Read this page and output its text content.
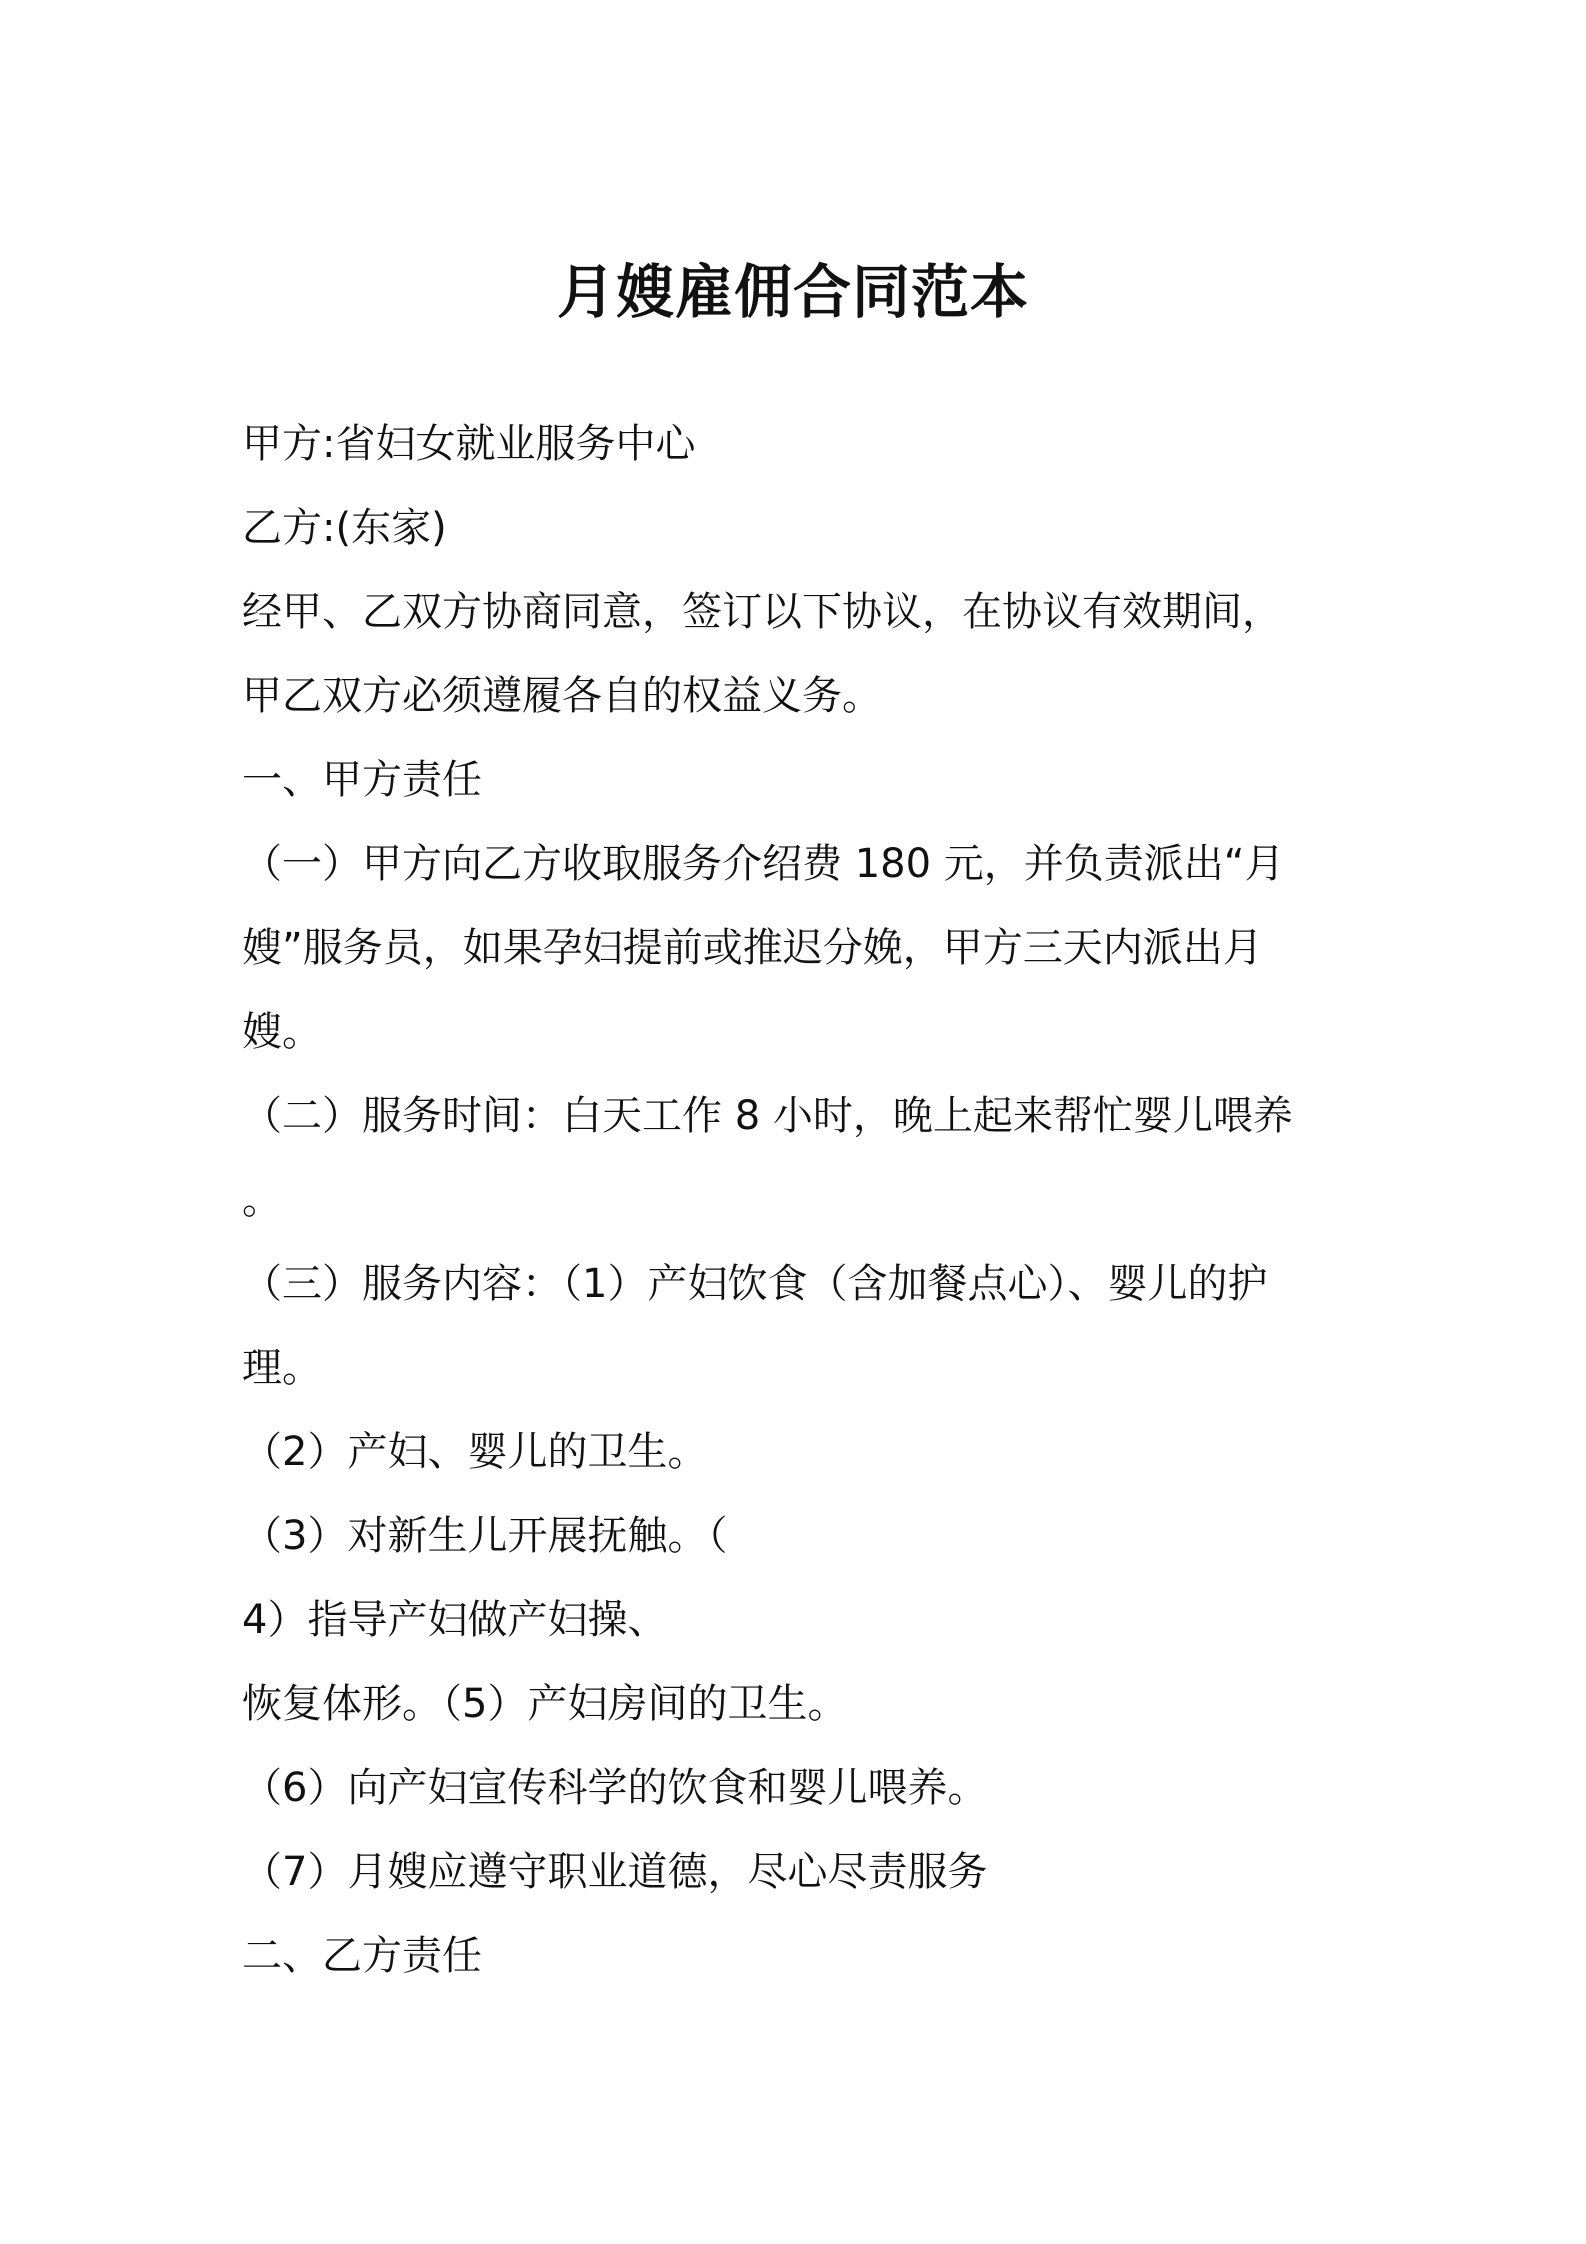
月嫂雇佣合同范本
甲方:省妇女就业服务中心
乙方:(东家)
经甲、乙双方协商同意，签订以下协议，在协议有效期间，
甲乙双方必须遵履各自的权益义务。
一、甲方责任
（一）甲方向乙方收取服务介绍费 180 元，并负责派出“月
嫂”服务员，如果孕妇提前或推迟分娩，甲方三天内派出月
嫂。
（二）服务时间：白天工作 8 小时，晚上起来帮忙婴儿喂养
。
（三）服务内容：（1）产妇饮食（含加餐点心）、婴儿的护
理。
（2）产妇、婴儿的卫生。
（3）对新生儿开展抚触。（
4）指导产妇做产妇操、
恢复体形。（5）产妇房间的卫生。
（6）向产妇宣传科学的饮食和婴儿喂养。
（7）月嫂应遵守职业道德，尽心尽责服务
二、乙方责任
